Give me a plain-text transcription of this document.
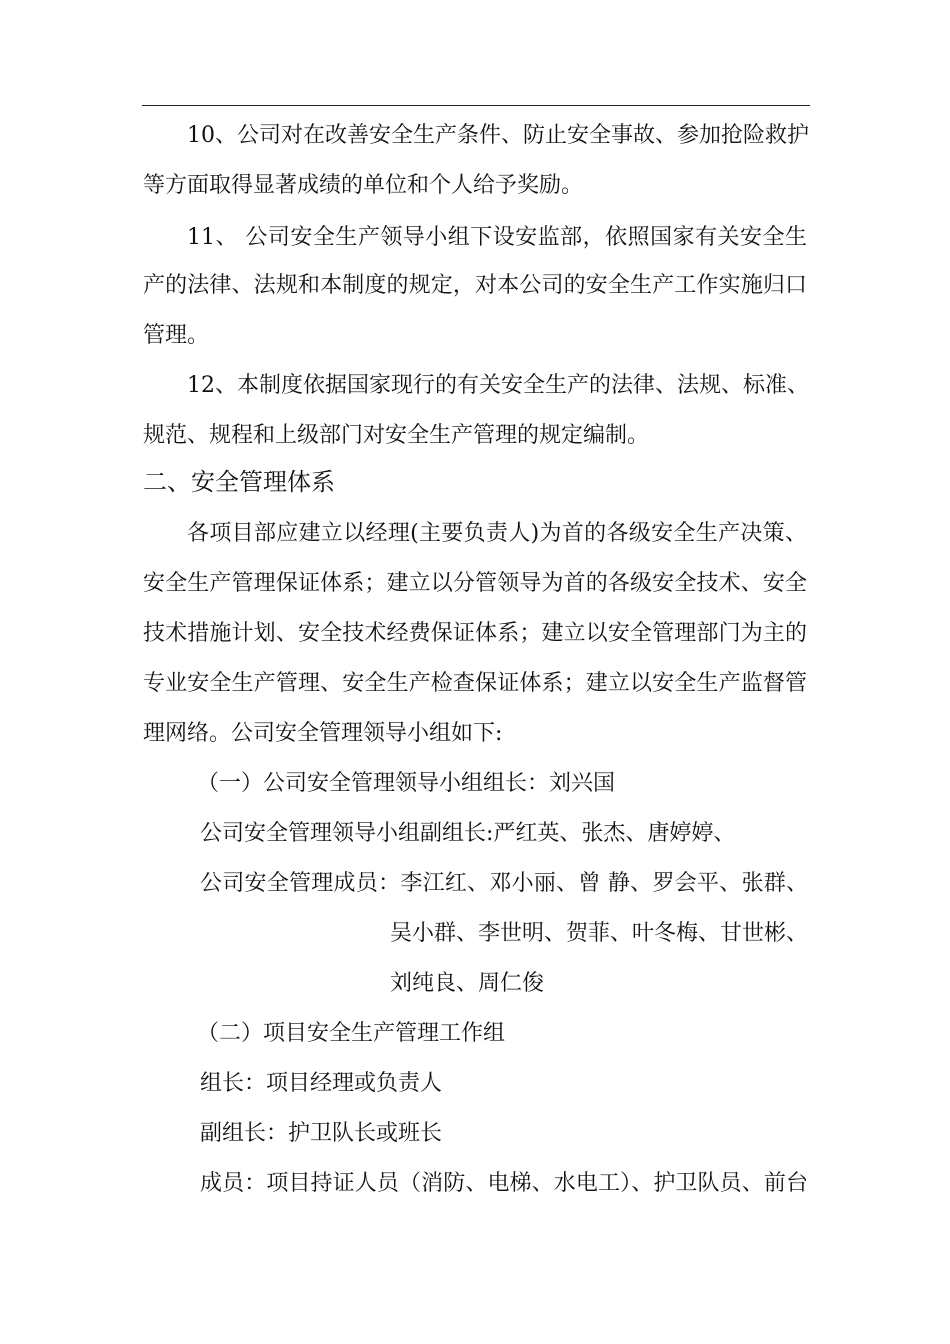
10、公司对在改善安全生产条件、防止安全事故、参加抢险救护
等方面取得显著成绩的单位和个人给予奖励。
11、 公司安全生产领导小组下设安监部，依照国家有关安全生
产的法律、法规和本制度的规定，对本公司的安全生产工作实施归口
管理。
12、本制度依据国家现行的有关安全生产的法律、法规、标准、
规范、规程和上级部门对安全生产管理的规定编制。
二、安全管理体系
各项目部应建立以经理(主要负责人)为首的各级安全生产决策、
安全生产管理保证体系；建立以分管领导为首的各级安全技术、安全
技术措施计划、安全技术经费保证体系；建立以安全管理部门为主的
专业安全生产管理、安全生产检查保证体系；建立以安全生产监督管
理网络。公司安全管理领导小组如下:
（一）公司安全管理领导小组组长：刘兴国
公司安全管理领导小组副组长:严红英、张杰、唐婷婷、
公司安全管理成员：李江红、邓小丽、曾 静、罗会平、张群、
吴小群、李世明、贺菲、叶冬梅、甘世彬、
刘纯良、周仁俊
（二）项目安全生产管理工作组
组长：项目经理或负责人
副组长：护卫队长或班长
成员：项目持证人员（消防、电梯、水电工）、护卫队员、前台
